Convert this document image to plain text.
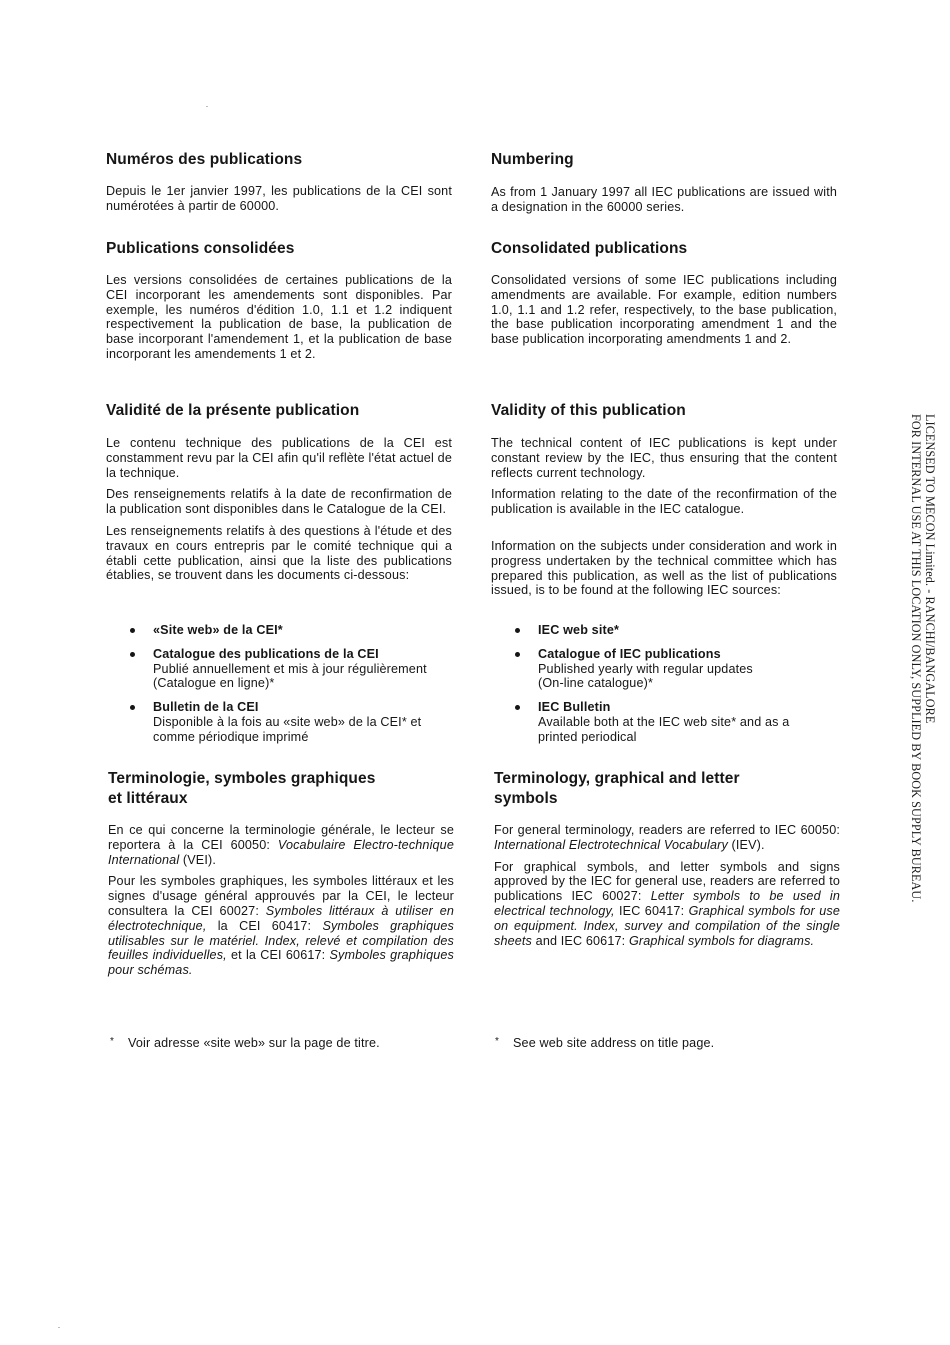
Numéros des publications

Depuis le 1er janvier 1997, les publications de la CEI sont numérotées à partir de 60000.

Publications consolidées

Les versions consolidées de certaines publications de la CEI incorporant les amendements sont disponibles. Par exemple, les numéros d'édition 1.0, 1.1 et 1.2 indiquent respectivement la publication de base, la publication de base incorporant l'amendement 1, et la publication de base incorporant les amendements 1 et 2.

Validité de la présente publication

Le contenu technique des publications de la CEI est constamment revu par la CEI afin qu'il reflète l'état actuel de la technique.

Des renseignements relatifs à la date de reconfirmation de la publication sont disponibles dans le Catalogue de la CEI.

Les renseignements relatifs à des questions à l'étude et des travaux en cours entrepris par le comité technique qui a établi cette publication, ainsi que la liste des publications établies, se trouvent dans les documents ci-dessous:

«Site web» de la CEI*
Catalogue des publications de la CEI
Publié annuellement et mis à jour régulièrement
(Catalogue en ligne)*
Bulletin de la CEI
Disponible à la fois au «site web» de la CEI* et
comme périodique imprimé
Terminologie, symboles graphiques
et littéraux

En ce qui concerne la terminologie générale, le lecteur se reportera à la CEI 60050: Vocabulaire Electro-technique International (VEI).

Pour les symboles graphiques, les symboles littéraux et les signes d'usage général approuvés par la CEI, le lecteur consultera la CEI 60027: Symboles littéraux à utiliser en électrotechnique, la CEI 60417: Symboles graphiques utilisables sur le matériel. Index, relevé et compilation des feuilles individuelles, et la CEI 60617: Symboles graphiques pour schémas.

* Voir adresse «site web» sur la page de titre.
Numbering

As from 1 January 1997 all IEC publications are issued with a designation in the 60000 series.

Consolidated publications

Consolidated versions of some IEC publications including amendments are available. For example, edition numbers 1.0, 1.1 and 1.2 refer, respectively, to the base publication, the base publication incorporating amendment 1 and the base publication incorporating amendments 1 and 2.

Validity of this publication

The technical content of IEC publications is kept under constant review by the IEC, thus ensuring that the content reflects current technology.

Information relating to the date of the reconfirmation of the publication is available in the IEC catalogue.

Information on the subjects under consideration and work in progress undertaken by the technical committee which has prepared this publication, as well as the list of publications issued, is to be found at the following IEC sources:

IEC web site*
Catalogue of IEC publications
Published yearly with regular updates
(On-line catalogue)*
IEC Bulletin
Available both at the IEC web site* and as a
printed periodical
Terminology, graphical and letter
symbols

For general terminology, readers are referred to IEC 60050: International Electrotechnical Vocabulary (IEV).

For graphical symbols, and letter symbols and signs approved by the IEC for general use, readers are referred to publications IEC 60027: Letter symbols to be used in electrical technology, IEC 60417: Graphical symbols for use on equipment. Index, survey and compilation of the single sheets and IEC 60617: Graphical symbols for diagrams.

* See web site address on title page.
LICENSED TO MECON Limited. - RANCHI/BANGALORE
FOR INTERNAL USE AT THIS LOCATION ONLY, SUPPLIED BY BOOK SUPPLY BUREAU.
